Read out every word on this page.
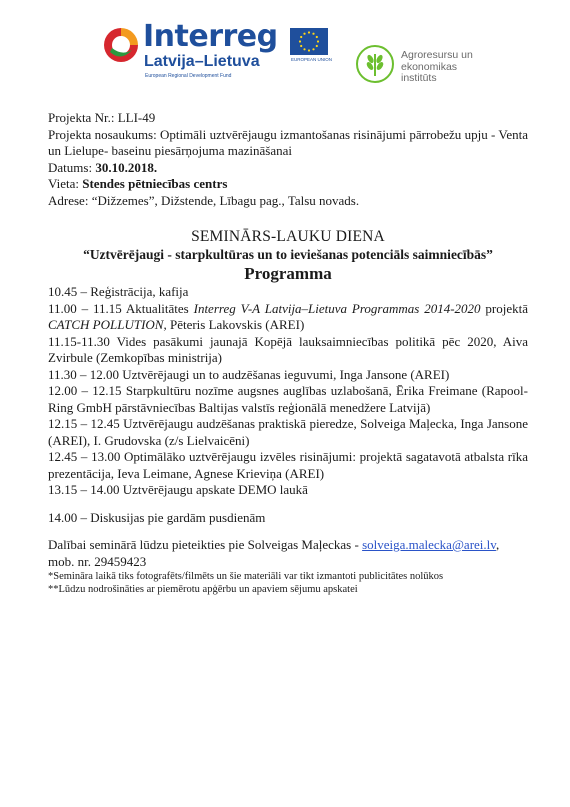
Interreg
Latvija–Lietuva
European Regional Development Fund
EUROPEAN UNION	Agroresursu un
ekonomikas
institūts

Projekta Nr.: LLI-49

Projekta nosaukums: Optimāli uztvērējaugu izmantošanas risinājumi pārrobežu upju - Venta un Lielupe- baseinu piesārņojuma mazināšanai

Datums: 30.10.2018.

Vieta: Stendes pētniecības centrs

Adrese: “Dižzemes”, Dižstende, Lībagu pag., Talsu novads.

SEMINĀRS-LAUKU DIENA

“Uztvērējaugi - starpkultūras un to ieviešanas potenciāls saimniecībās”

Programma

10.45 – Reģistrācija, kafija

11.00 – 11.15 Aktualitātes Interreg V-A Latvija–Lietuva Programmas 2014-2020 projektā CATCH POLLUTION, Pēteris Lakovskis (AREI)

11.15-11.30 Vides pasākumi jaunajā Kopējā lauksaimniecības politikā pēc 2020, Aiva Zvirbule (Zemkopības ministrija)

11.30 – 12.00 Uztvērējaugi un to audzēšanas ieguvumi, Inga Jansone (AREI)

12.00 – 12.15 Starpkultūru nozīme augsnes auglības uzlabošanā, Ērika Freimane (Rapool-Ring GmbH pārstāvniecības Baltijas valstīs reģionālā menedžere Latvijā)

12.15 – 12.45 Uztvērējaugu audzēšanas praktiskā pieredze, Solveiga Maļecka, Inga Jansone (AREI), I. Grudovska (z/s Lielvaicēni)

12.45 – 13.00 Optimālāko uztvērējaugu izvēles risinājumi: projektā sagatavotā atbalsta rīka prezentācija, Ieva Leimane, Agnese Krieviņa (AREI)

13.15 – 14.00 Uztvērējaugu apskate DEMO laukā

14.00 – Diskusijas pie gardām pusdienām

Dalībai seminārā lūdzu pieteikties pie Solveigas Maļeckas - solveiga.malecka@arei.lv,
mob. nr. 29459423

*Semināra laikā tiks fotografēts/filmēts un šie materiāli var tikt izmantoti publicitātes nolūkos

**Lūdzu nodrošināties ar piemērotu apģērbu un apaviem sējumu apskatei
